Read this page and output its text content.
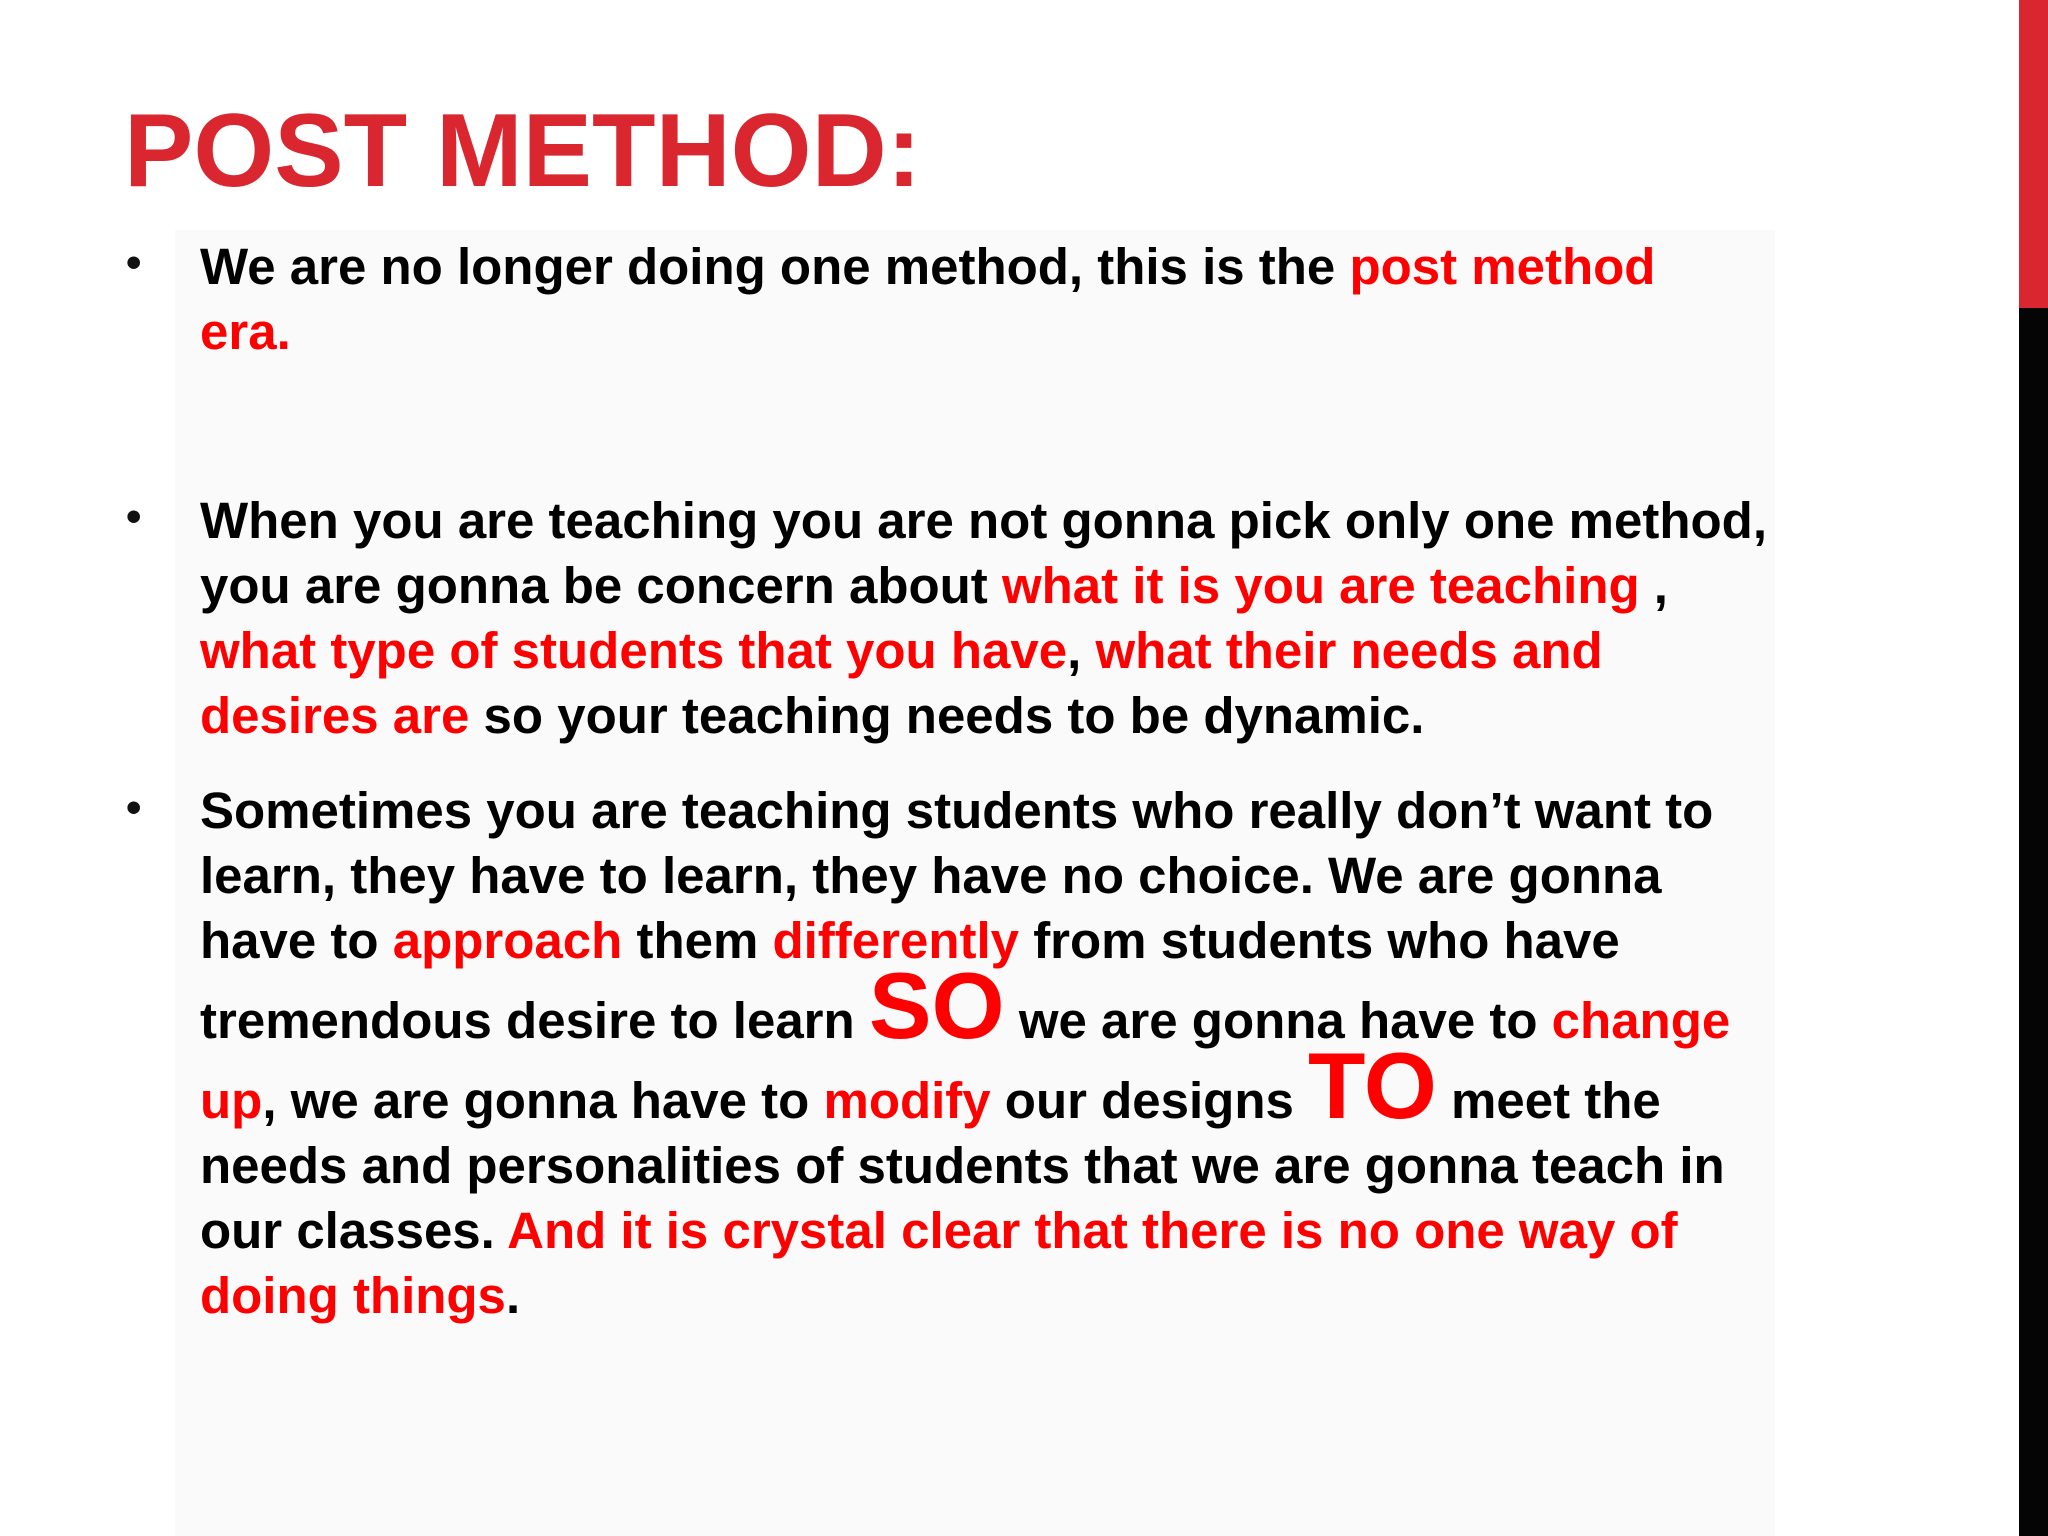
POST METHOD:
• We are no longer doing one method, this is the post method era.

• When you are teaching you are not gonna pick only one method, you are gonna be concern about what it is you are teaching , what type of students that you have, what their needs and desires are so your teaching needs to be dynamic.

• Sometimes you are teaching students who really don’t want to learn, they have to learn, they have no choice. We are gonna have to approach them differently from students who have tremendous desire to learn SO we are gonna have to change up, we are gonna have to modify our designs TO meet the needs and personalities of students that we are gonna teach in our classes. And it is crystal clear that there is no one way of doing things.
